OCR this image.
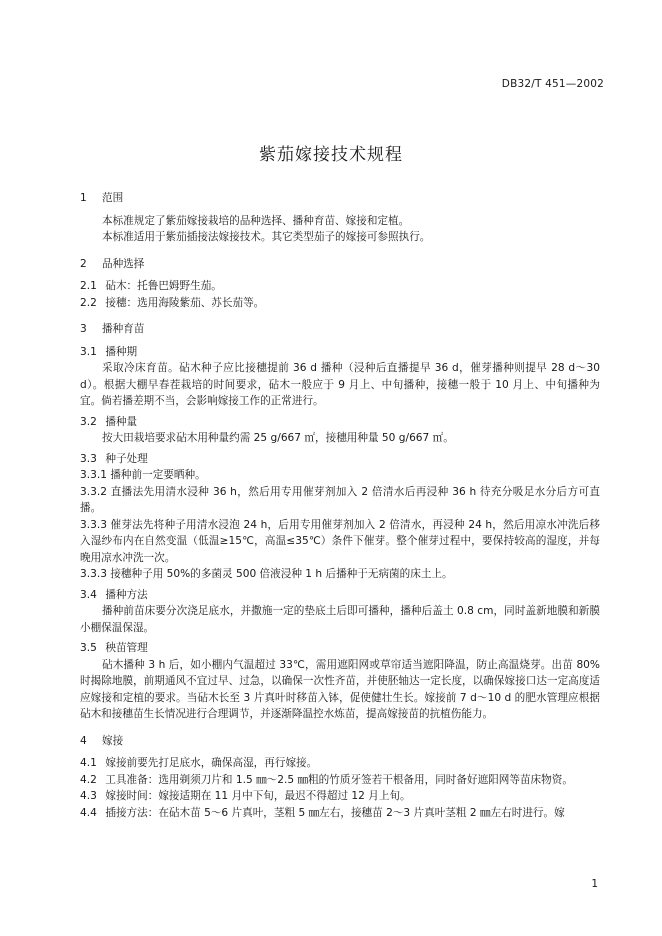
DB32/T 451—2002
紫茄嫁接技术规程
1 范围
本标准规定了紫茄嫁接栽培的品种选择、播种育苗、嫁接和定植。
本标准适用于紫茄插接法嫁接技术。其它类型茄子的嫁接可参照执行。
2 品种选择
2.1 砧木：托鲁巴姆野生茄。
2.2 接穗：选用海陵紫茄、苏长茄等。
3 播种育苗
3.1 播种期
采取冷床育苗。砧木种子应比接穗提前 36 d 播种（浸种后直播提早 36 d，催芽播种则提早 28 d～30 d）。根据大棚早春茬栽培的时间要求，砧木一般应于 9 月上、中旬播种，接穗一般于 10 月上、中旬播种为宜。倘若播差期不当，会影响嫁接工作的正常进行。
3.2 播种量
按大田栽培要求砧木用种量约需 25 g/667 ㎡，接穗用种量 50 g/667 ㎡。
3.3 种子处理
3.3.1 播种前一定要晒种。
3.3.2 直播法先用清水浸种 36 h，然后用专用催芽剂加入 2 倍清水后再浸种 36 h 待充分吸足水分后方可直播。
3.3.3 催芽法先将种子用清水浸泡 24 h，后用专用催芽剂加入 2 倍清水，再浸种 24 h，然后用凉水冲洗后移入湿纱布内在自然变温（低温≥15℃，高温≤35℃）条件下催芽。整个催芽过程中，要保持较高的湿度，并每晚用凉水冲洗一次。
3.3.3 接穗种子用 50%的多菌灵 500 倍液浸种 1 h 后播种于无病菌的床土上。
3.4 播种方法
播种前苗床要分次浇足底水，并撒施一定的垫底土后即可播种，播种后盖土 0.8 cm，同时盖新地膜和新膜小棚保温保湿。
3.5 秧苗管理
砧木播种 3 h 后，如小棚内气温超过 33℃，需用遮阳网或草帘适当遮阳降温，防止高温烧芽。出苗 80%时揭除地膜，前期通风不宜过早、过急，以确保一次性齐苗，并使胚轴达一定长度，以确保嫁接口达一定高度适应嫁接和定植的要求。当砧木长至 3 片真叶时移苗入钵，促使健壮生长。嫁接前 7 d～10 d 的肥水管理应根据砧木和接穗苗生长情况进行合理调节，并逐渐降温控水炼苗，提高嫁接苗的抗植伤能力。
4 嫁接
4.1 嫁接前要先打足底水，确保高湿，再行嫁接。
4.2 工具准备：选用剃须刀片和 1.5 ㎜～2.5 ㎜粗的竹质牙签若干根备用，同时备好遮阳网等苗床物资。
4.3 嫁接时间：嫁接适期在 11 月中下旬，最迟不得超过 12 月上旬。
4.4 插接方法：在砧木苗 5～6 片真叶，茎粗 5 ㎜左右，接穗苗 2～3 片真叶茎粗 2 ㎜左右时进行。嫁
1
